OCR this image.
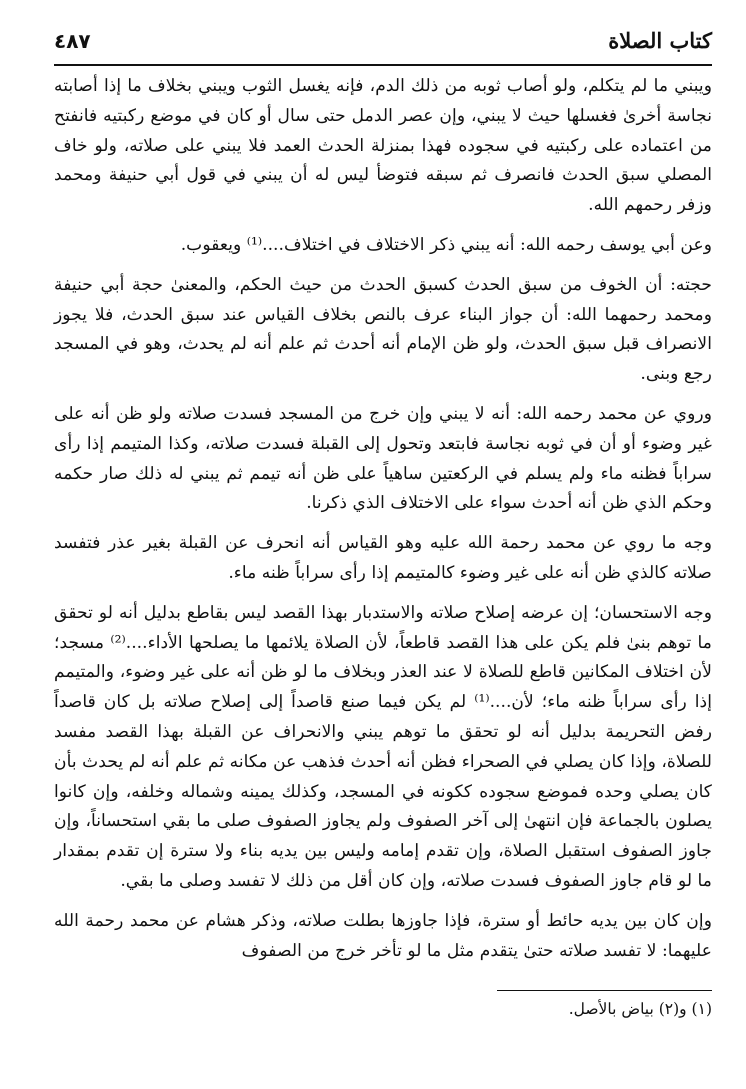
كتاب الصلاة
٤٨٧

ويبني ما لم يتكلم، ولو أصاب ثوبه من ذلك الدم، فإنه يغسل الثوب ويبني بخلاف ما إذا أصابته نجاسة أخرىٰ فغسلها حيث لا يبني، وإن عصر الدمل حتى سال أو كان في موضع ركبتيه فانفتح من اعتماده على ركبتيه في سجوده فهذا بمنزلة الحدث العمد فلا يبني على صلاته، ولو خاف المصلي سبق الحدث فانصرف ثم سبقه فتوضأ ليس له أن يبني في قول أبي حنيفة ومحمد وزفر رحمهم الله.

وعن أبي يوسف رحمه الله: أنه يبني ذكر الاختلاف في اختلاف....⁽¹⁾ ويعقوب.

حجته: أن الخوف من سبق الحدث كسبق الحدث من حيث الحكم، والمعنىٰ حجة أبي حنيفة ومحمد رحمهما الله: أن جواز البناء عرف بالنص بخلاف القياس عند سبق الحدث، فلا يجوز الانصراف قبل سبق الحدث، ولو ظن الإمام أنه أحدث ثم علم أنه لم يحدث، وهو في المسجد رجع وبنى.

وروي عن محمد رحمه الله: أنه لا يبني وإن خرج من المسجد فسدت صلاته ولو ظن أنه على غير وضوء أو أن في ثوبه نجاسة فابتعد وتحول إلى القبلة فسدت صلاته، وكذا المتيمم إذا رأى سراباً فظنه ماء ولم يسلم في الركعتين ساهياً على ظن أنه تيمم ثم يبني له ذلك صار حكمه وحكم الذي ظن أنه أحدث سواء على الاختلاف الذي ذكرنا.

وجه ما روي عن محمد رحمة الله عليه وهو القياس أنه انحرف عن القبلة بغير عذر فتفسد صلاته كالذي ظن أنه على غير وضوء كالمتيمم إذا رأى سراباً ظنه ماء.

وجه الاستحسان؛ إن عرضه إصلاح صلاته والاستدبار بهذا القصد ليس بقاطع بدليل أنه لو تحقق ما توهم بنىٰ فلم يكن على هذا القصد قاطعاً، لأن الصلاة يلائمها ما يصلحها الأداء....⁽²⁾ مسجد؛ لأن اختلاف المكانين قاطع للصلاة لا عند العذر وبخلاف ما لو ظن أنه على غير وضوء، والمتيمم إذا رأى سراباً ظنه ماء؛ لأن....⁽¹⁾ لم يكن فيما صنع قاصداً إلى إصلاح صلاته بل كان قاصداً رفض التحريمة بدليل أنه لو تحقق ما توهم يبني والانحراف عن القبلة بهذا القصد مفسد للصلاة، وإذا كان يصلي في الصحراء فظن أنه أحدث فذهب عن مكانه ثم علم أنه لم يحدث بأن كان يصلي وحده فموضع سجوده ككونه في المسجد، وكذلك يمينه وشماله وخلفه، وإن كانوا يصلون بالجماعة فإن انتهىٰ إلى آخر الصفوف ولم يجاوز الصفوف صلى ما بقي استحساناً، وإن جاوز الصفوف استقبل الصلاة، وإن تقدم إمامه وليس بين يديه بناء ولا سترة إن تقدم بمقدار ما لو قام جاوز الصفوف فسدت صلاته، وإن كان أقل من ذلك لا تفسد وصلى ما بقي.

وإن كان بين يديه حائط أو سترة، فإذا جاوزها بطلت صلاته، وذكر هشام عن محمد رحمة الله عليهما: لا تفسد صلاته حتىٰ يتقدم مثل ما لو تأخر خرج من الصفوف

(١) و(٢) بياض بالأصل.
